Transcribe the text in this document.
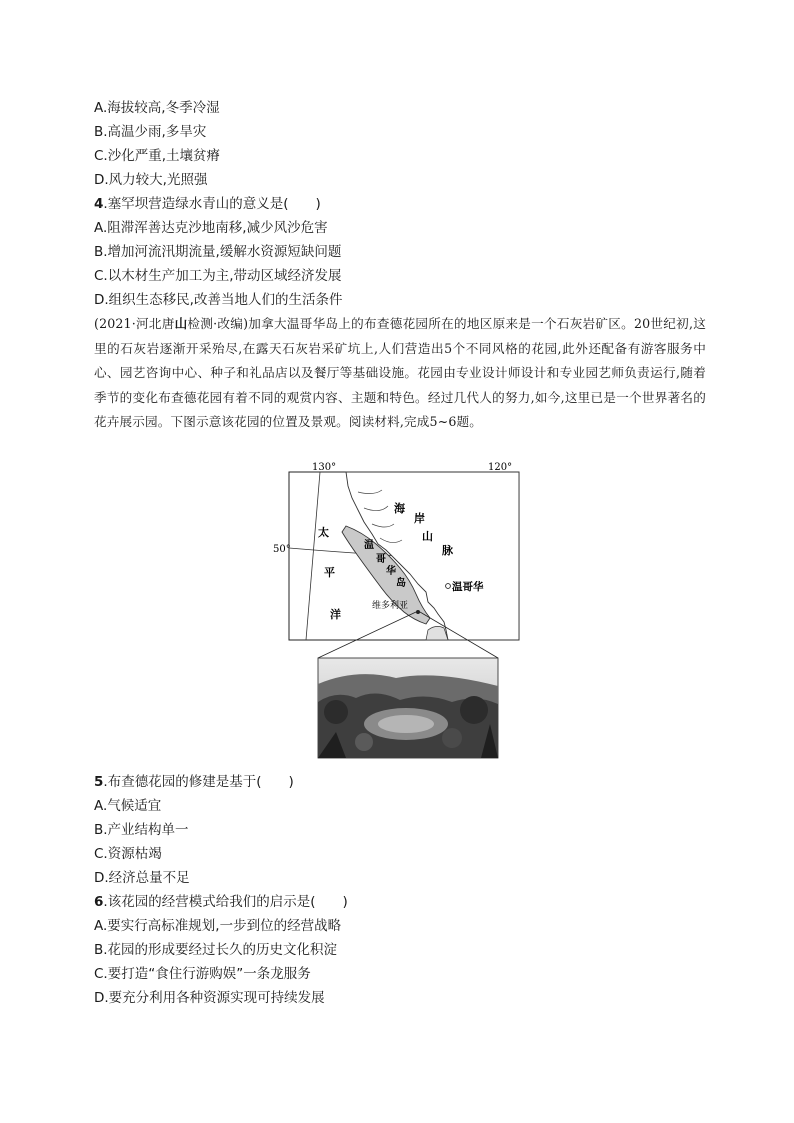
A.海拔较高,冬季冷湿
B.高温少雨,多旱灾
C.沙化严重,土壤贫瘠
D.风力较大,光照强
4.塞罕坝营造绿水青山的意义是(　　)
A.阻滞浑善达克沙地南移,减少风沙危害
B.增加河流汛期流量,缓解水资源短缺问题
C.以木材生产加工为主,带动区域经济发展
D.组织生态移民,改善当地人们的生活条件
(2021·河北唐山检测·改编)加拿大温哥华岛上的布查德花园所在的地区原来是一个石灰岩矿区。20世纪初,这里的石灰岩逐渐开采殆尽,在露天石灰岩采矿坑上,人们营造出5个不同风格的花园,此外还配备有游客服务中心、园艺咨询中心、种子和礼品店以及餐厅等基础设施。花园由专业设计师设计和专业园艺师负责运行,随着季节的变化布查德花园有着不同的观赏内容、主题和特色。经过几代人的努力,如今,这里已是一个世界著名的花卉展示园。下图示意该花园的位置及景观。阅读材料,完成5~6题。
130°	120°
50°
太
平
洋
海
岸
山
脉
温
哥
华
岛	温哥华
维多利亚
5.布查德花园的修建是基于(　　)
A.气候适宜
B.产业结构单一
C.资源枯竭
D.经济总量不足
6.该花园的经营模式给我们的启示是(　　)
A.要实行高标准规划,一步到位的经营战略
B.花园的形成要经过长久的历史文化积淀
C.要打造“食住行游购娱”一条龙服务
D.要充分利用各种资源实现可持续发展
